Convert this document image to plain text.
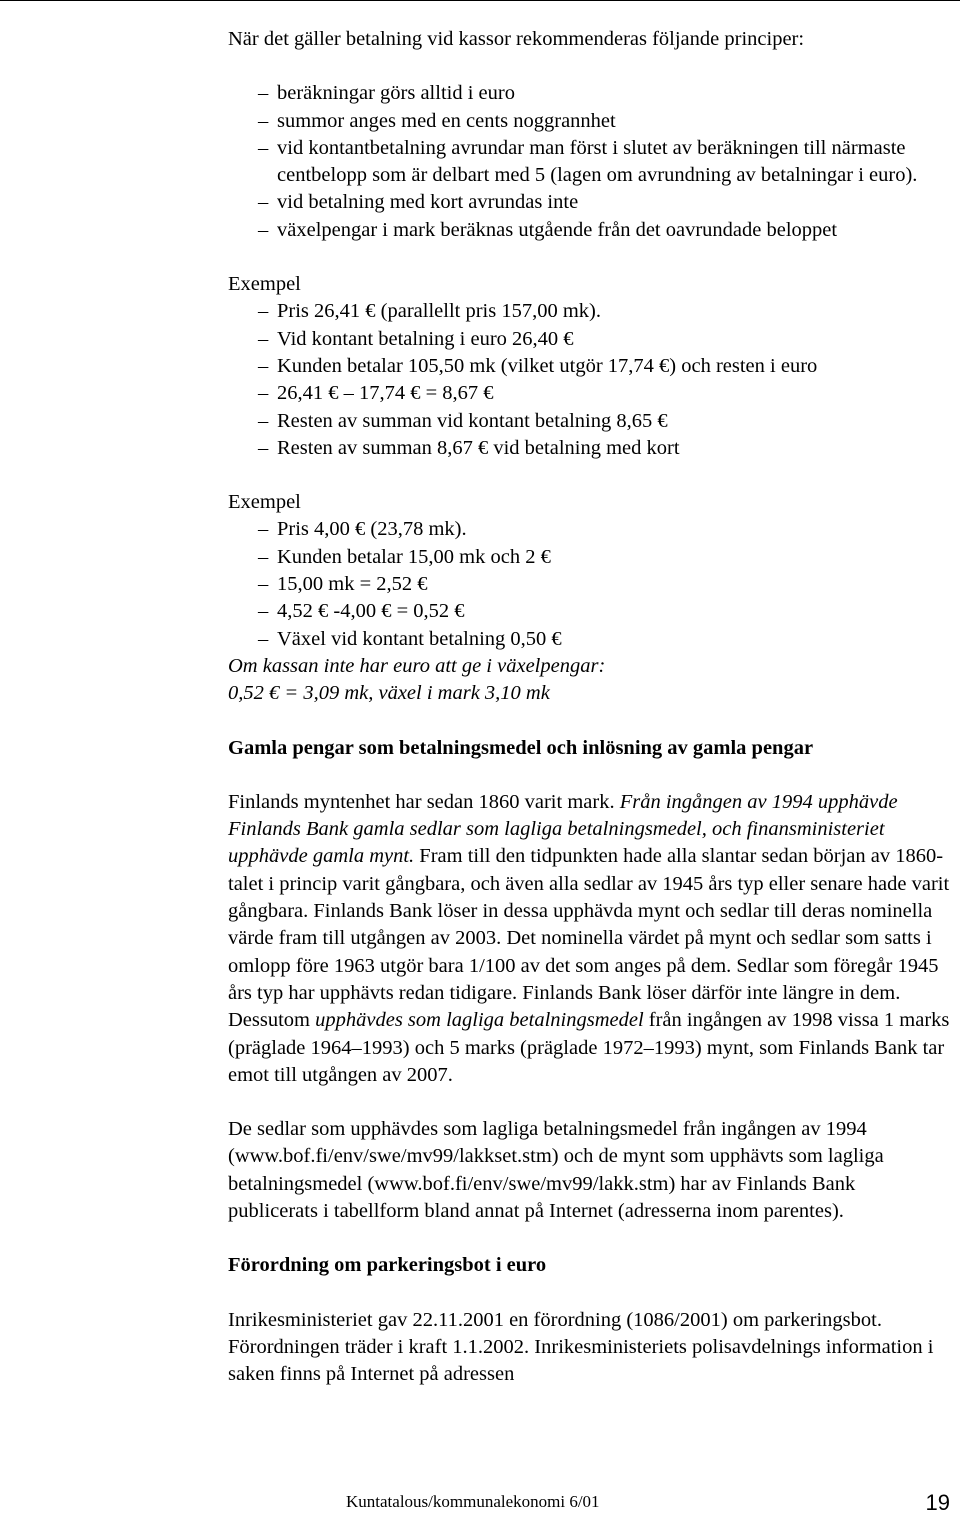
När det gäller betalning vid kassor rekommenderas följande principer:

– beräkningar görs alltid i euro
– summor anges med en cents noggrannhet
– vid kontantbetalning avrundar man först i slutet av beräkningen till närmaste centbelopp som är delbart med 5 (lagen om avrundning av betalningar i euro).
– vid betalning med kort avrundas inte
– växelpengar i mark beräknas utgående från det oavrundade beloppet

Exempel

– Pris 26,41 € (parallellt pris 157,00 mk).
– Vid kontant betalning i euro 26,40 €
– Kunden betalar 105,50 mk (vilket utgör 17,74 €) och resten i euro
– 26,41 € – 17,74 € = 8,67 €
– Resten av summan vid kontant betalning 8,65 €
– Resten av summan 8,67 € vid betalning med kort

Exempel

– Pris 4,00 € (23,78 mk).
– Kunden betalar 15,00 mk och 2 €
– 15,00 mk = 2,52 €
– 4,52 € -4,00 € = 0,52 €
– Växel vid kontant betalning 0,50 €

Om kassan inte har euro att ge i växelpengar:

0,52 € = 3,09 mk, växel i mark 3,10 mk

Gamla pengar som betalningsmedel och inlösning av gamla pengar

Finlands myntenhet har sedan 1860 varit mark. Från ingången av 1994 upphävde Finlands Bank gamla sedlar som lagliga betalningsmedel, och finansministeriet upphävde gamla mynt. Fram till den tidpunkten hade alla slantar sedan början av 1860-talet i princip varit gångbara, och även alla sedlar av 1945 års typ eller senare hade varit gångbara. Finlands Bank löser in dessa upphävda mynt och sedlar till deras nominella värde fram till utgången av 2003. Det nominella värdet på mynt och sedlar som satts i omlopp före 1963 utgör bara 1/100 av det som anges på dem. Sedlar som föregår 1945 års typ har upphävts redan tidigare. Finlands Bank löser därför inte längre in dem. Dessutom upphävdes som lagliga betalningsmedel från ingången av 1998 vissa 1 marks (präglade 1964–1993) och 5 marks (präglade 1972–1993) mynt, som Finlands Bank tar emot till utgången av 2007.

De sedlar som upphävdes som lagliga betalningsmedel från ingången av 1994 (www.bof.fi/env/swe/mv99/lakkset.stm) och de mynt som upphävts som lagliga betalningsmedel (www.bof.fi/env/swe/mv99/lakk.stm) har av Finlands Bank publicerats i tabellform bland annat på Internet (adresserna inom parentes).

Förordning om parkeringsbot i euro

Inrikesministeriet gav 22.11.2001 en förordning (1086/2001) om parkeringsbot. Förordningen träder i kraft 1.1.2002. Inrikesministeriets polisavdelnings information i saken finns på Internet på adressen

Kuntatalous/kommunalekonomi 6/01	19
